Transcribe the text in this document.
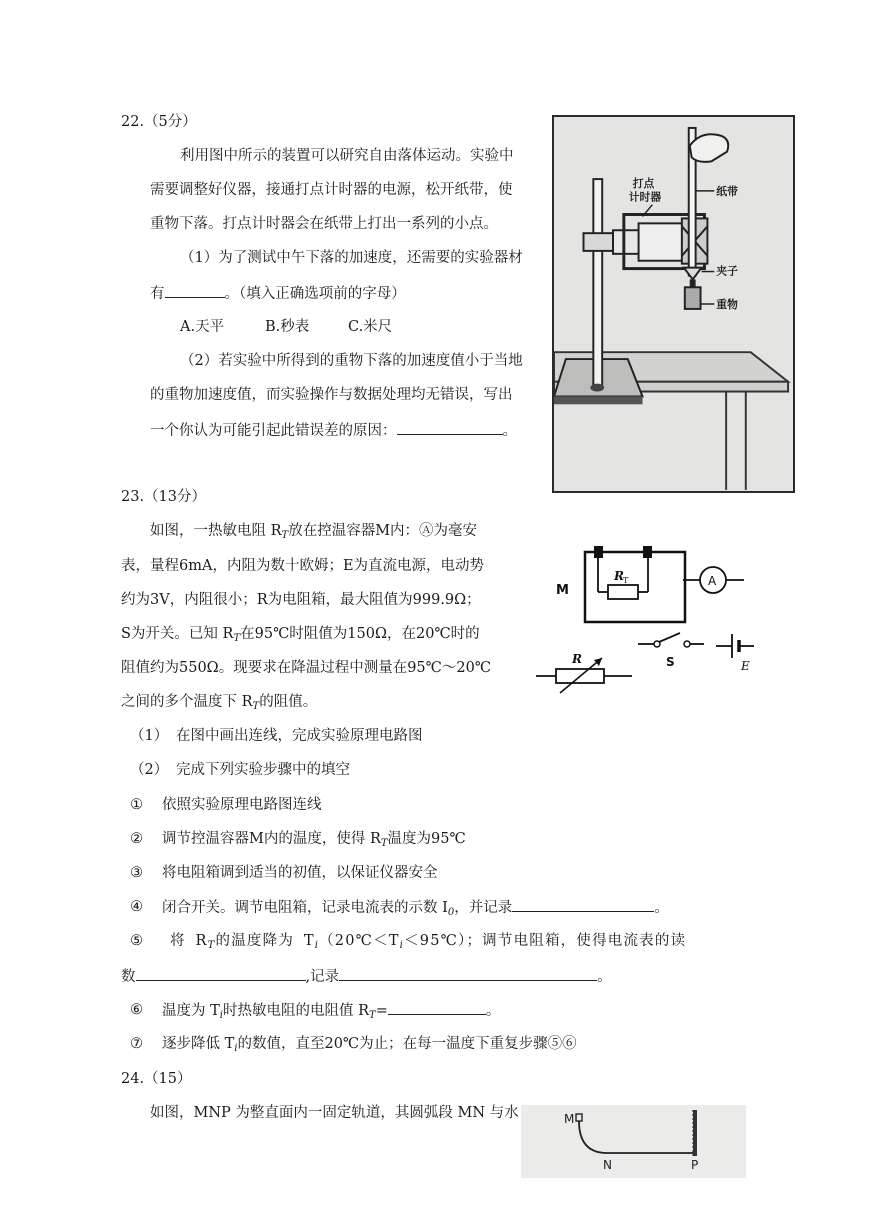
22.（5分）
利用图中所示的装置可以研究自由落体运动。实验中
需要调整好仪器，接通打点计时器的电源，松开纸带，使
重物下落。打点计时器会在纸带上打出一系列的小点。
（1）为了测试中午下落的加速度，还需要的实验器材
有	。（填入正确选项前的字母）
A.天平	B.秒表	C.米尺
（2）若实验中所得到的重物下落的加速度值小于当地
的重物加速度值，而实验操作与数据处理均无错误，写出
一个你认为可能引起此错误差的原因：	。
打点
计时器	纸带
夹子
重物
23.（13分）
如图，一热敏电阻 $R_T$放在控温容器M内：Ⓐ为毫安
表，量程6mA，内阻为数十欧姆；E为直流电源，电动势
约为3V，内阻很小；R为电阻箱，最大阻值为999.9Ω；
S为开关。已知 $R_T$在95℃时阻值为150Ω，在20℃时的
阻值约为550Ω。现要求在降温过程中测量在95℃～20℃
之间的多个温度下 $R_T$的阻值。
（1） 在图中画出连线，完成实验原理电路图
（2） 完成下列实验步骤中的填空
① 依照实验原理电路图连线
② 调节控温容器M内的温度，使得 $R_T$温度为95℃
③ 将电阻箱调到适当的初值，以保证仪器安全
④ 闭合开关。调节电阻箱，记录电流表的示数 $I_0$，并记录	。
⑤ 将 $R_T$的温度降为 $T_i(20℃<T_i<95℃)$；调节电阻箱，使得电流表的读
数	,记录	。
⑥ 温度为 $T_i$时热敏电阻的电阻值 $R_T=$	。
⑦ 逐步降低 $T_i$的数值，直至20℃为止；在每一温度下重复步骤⑤⑥
M
R T	A
S	E
R
24.（15）
如图，MNP 为整直面内一固定轨道，其圆弧段 MN 与水	M
N	P
